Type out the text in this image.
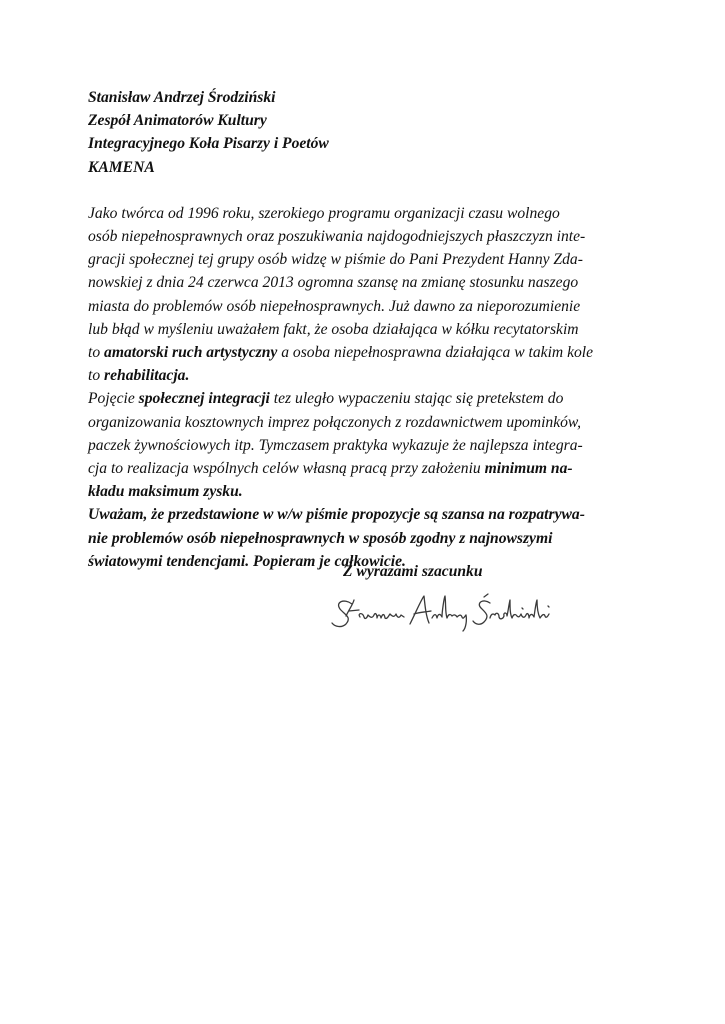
Stanisław Andrzej Środziński
Zespół Animatorów Kultury
Integracyjnego Koła Pisarzy i Poetów
KAMENA
Jako twórca od 1996 roku, szerokiego programu organizacji czasu wolnego
osób niepełnosprawnych oraz poszukiwania najdogodniejszych płaszczyzn inte-
gracji społecznej tej grupy osób widzę w piśmie do Pani Prezydent Hanny Zda-
nowskiej z dnia 24 czerwca 2013 ogromna szansę na zmianę stosunku naszego
miasta do problemów osób niepełnosprawnych. Już dawno za nieporozumienie
lub błąd w myśleniu uważałem fakt, że osoba działająca w kółku recytatorskim
to amatorski ruch artystyczny a osoba niepełnosprawna działająca w takim kole
to rehabilitacja.
Pojęcie społecznej integracji tez uległo wypaczeniu stając się pretekstem do
organizowania kosztownych imprez połączonych z rozdawnictwem upominków,
paczek żywnościowych itp. Tymczasem praktyka wykazuje że najlepsza integra-
cja to realizacja wspólnych celów własną pracą przy założeniu minimum na-
kładu maksimum zysku.
Uważam, że przedstawione w w/w piśmie propozycje są szansa na rozpatrywa-
nie problemów osób niepełnosprawnych w sposób zgodny z najnowszymi
światowymi tendencjami. Popieram je całkowicie.
Z wyrazami szacunku
